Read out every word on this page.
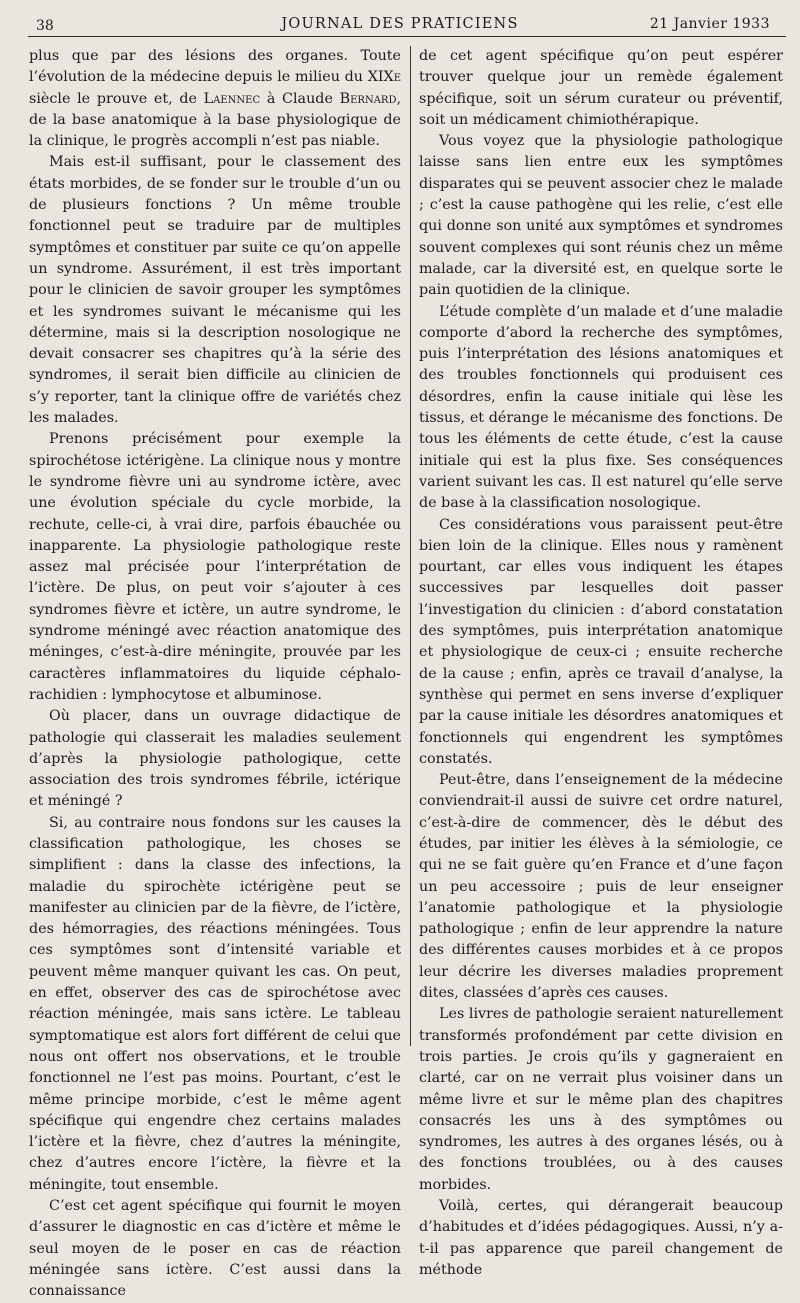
38	JOURNAL DES PRATICIENS	21 Janvier 1933

plus que par des lésions des organes. Toute l’évolution de la médecine depuis le milieu du XIXe siècle le prouve et, de Laennec à Claude Bernard, de la base anatomique à la base physiologique de la clinique, le progrès accompli n’est pas niable.

Mais est-il suffisant, pour le classement des états morbides, de se fonder sur le trouble d’un ou de plusieurs fonctions ? Un même trouble fonctionnel peut se traduire par de multiples symptômes et constituer par suite ce qu’on appelle un syndrome. Assurément, il est très important pour le clinicien de savoir grouper les symptômes et les syndromes suivant le mécanisme qui les détermine, mais si la description nosologique ne devait consacrer ses chapitres qu’à la série des syndromes, il serait bien difficile au clinicien de s’y reporter, tant la clinique offre de variétés chez les malades.

Prenons précisément pour exemple la spirochétose ictérigène. La clinique nous y montre le syndrome fièvre uni au syndrome ictère, avec une évolution spéciale du cycle morbide, la rechute, celle-ci, à vrai dire, parfois ébauchée ou inapparente. La physiologie pathologique reste assez mal précisée pour l’interprétation de l’ictère. De plus, on peut voir s’ajouter à ces syndromes fièvre et ictère, un autre syndrome, le syndrome méningé avec réaction anatomique des méninges, c’est-à-dire méningite, prouvée par les caractères inflammatoires du liquide céphalo-rachidien : lymphocytose et albuminose.

Où placer, dans un ouvrage didactique de pathologie qui classerait les maladies seulement d’après la physiologie pathologique, cette association des trois syndromes fébrile, ictérique et méningé ?

Si, au contraire nous fondons sur les causes la classification pathologique, les choses se simplifient : dans la classe des infections, la maladie du spirochète ictérigène peut se manifester au clinicien par de la fièvre, de l’ictère, des hémorragies, des réactions méningées. Tous ces symptômes sont d’intensité variable et peuvent même manquer quivant les cas. On peut, en effet, observer des cas de spirochétose avec réaction méningée, mais sans ictère. Le tableau symptomatique est alors fort différent de celui que nous ont offert nos observations, et le trouble fonctionnel ne l’est pas moins. Pourtant, c’est le même principe morbide, c’est le même agent spécifique qui engendre chez certains malades l’ictère et la fièvre, chez d’autres la méningite, chez d’autres encore l’ictère, la fièvre et la méningite, tout ensemble.

C’est cet agent spécifique qui fournit le moyen d’assurer le diagnostic en cas d’ictère et même le seul moyen de le poser en cas de réaction méningée sans ictère. C’est aussi dans la connaissance

de cet agent spécifique qu’on peut espérer trouver quelque jour un remède également spécifique, soit un sérum curateur ou préventif, soit un médicament chimiothérapique.

Vous voyez que la physiologie pathologique laisse sans lien entre eux les symptômes disparates qui se peuvent associer chez le malade ; c’est la cause pathogène qui les relie, c’est elle qui donne son unité aux symptômes et syndromes souvent complexes qui sont réunis chez un même malade, car la diversité est, en quelque sorte le pain quotidien de la clinique.

L’étude complète d’un malade et d’une maladie comporte d’abord la recherche des symptômes, puis l’interprétation des lésions anatomiques et des troubles fonctionnels qui produisent ces désordres, enfin la cause initiale qui lèse les tissus, et dérange le mécanisme des fonctions. De tous les éléments de cette étude, c’est la cause initiale qui est la plus fixe. Ses conséquences varient suivant les cas. Il est naturel qu’elle serve de base à la classification nosologique.

Ces considérations vous paraissent peut-être bien loin de la clinique. Elles nous y ramènent pourtant, car elles vous indiquent les étapes successives par lesquelles doit passer l’investigation du clinicien : d’abord constatation des symptômes, puis interprétation anatomique et physiologique de ceux-ci ; ensuite recherche de la cause ; enfin, après ce travail d’analyse, la synthèse qui permet en sens inverse d’expliquer par la cause initiale les désordres anatomiques et fonctionnels qui engendrent les symptômes constatés.

Peut-être, dans l’enseignement de la médecine conviendrait-il aussi de suivre cet ordre naturel, c’est-à-dire de commencer, dès le début des études, par initier les élèves à la sémiologie, ce qui ne se fait guère qu’en France et d’une façon un peu accessoire ; puis de leur enseigner l’anatomie pathologique et la physiologie pathologique ; enfin de leur apprendre la nature des différentes causes morbides et à ce propos leur décrire les diverses maladies proprement dites, classées d’après ces causes.

Les livres de pathologie seraient naturellement transformés profondément par cette division en trois parties. Je crois qu’ils y gagneraient en clarté, car on ne verrait plus voisiner dans un même livre et sur le même plan des chapitres consacrés les uns à des symptômes ou syndromes, les autres à des organes lésés, ou à des fonctions troublées, ou à des causes morbides.

Voilà, certes, qui dérangerait beaucoup d’habitudes et d’idées pédagogiques. Aussi, n’y a-t-il pas apparence que pareil changement de méthode
